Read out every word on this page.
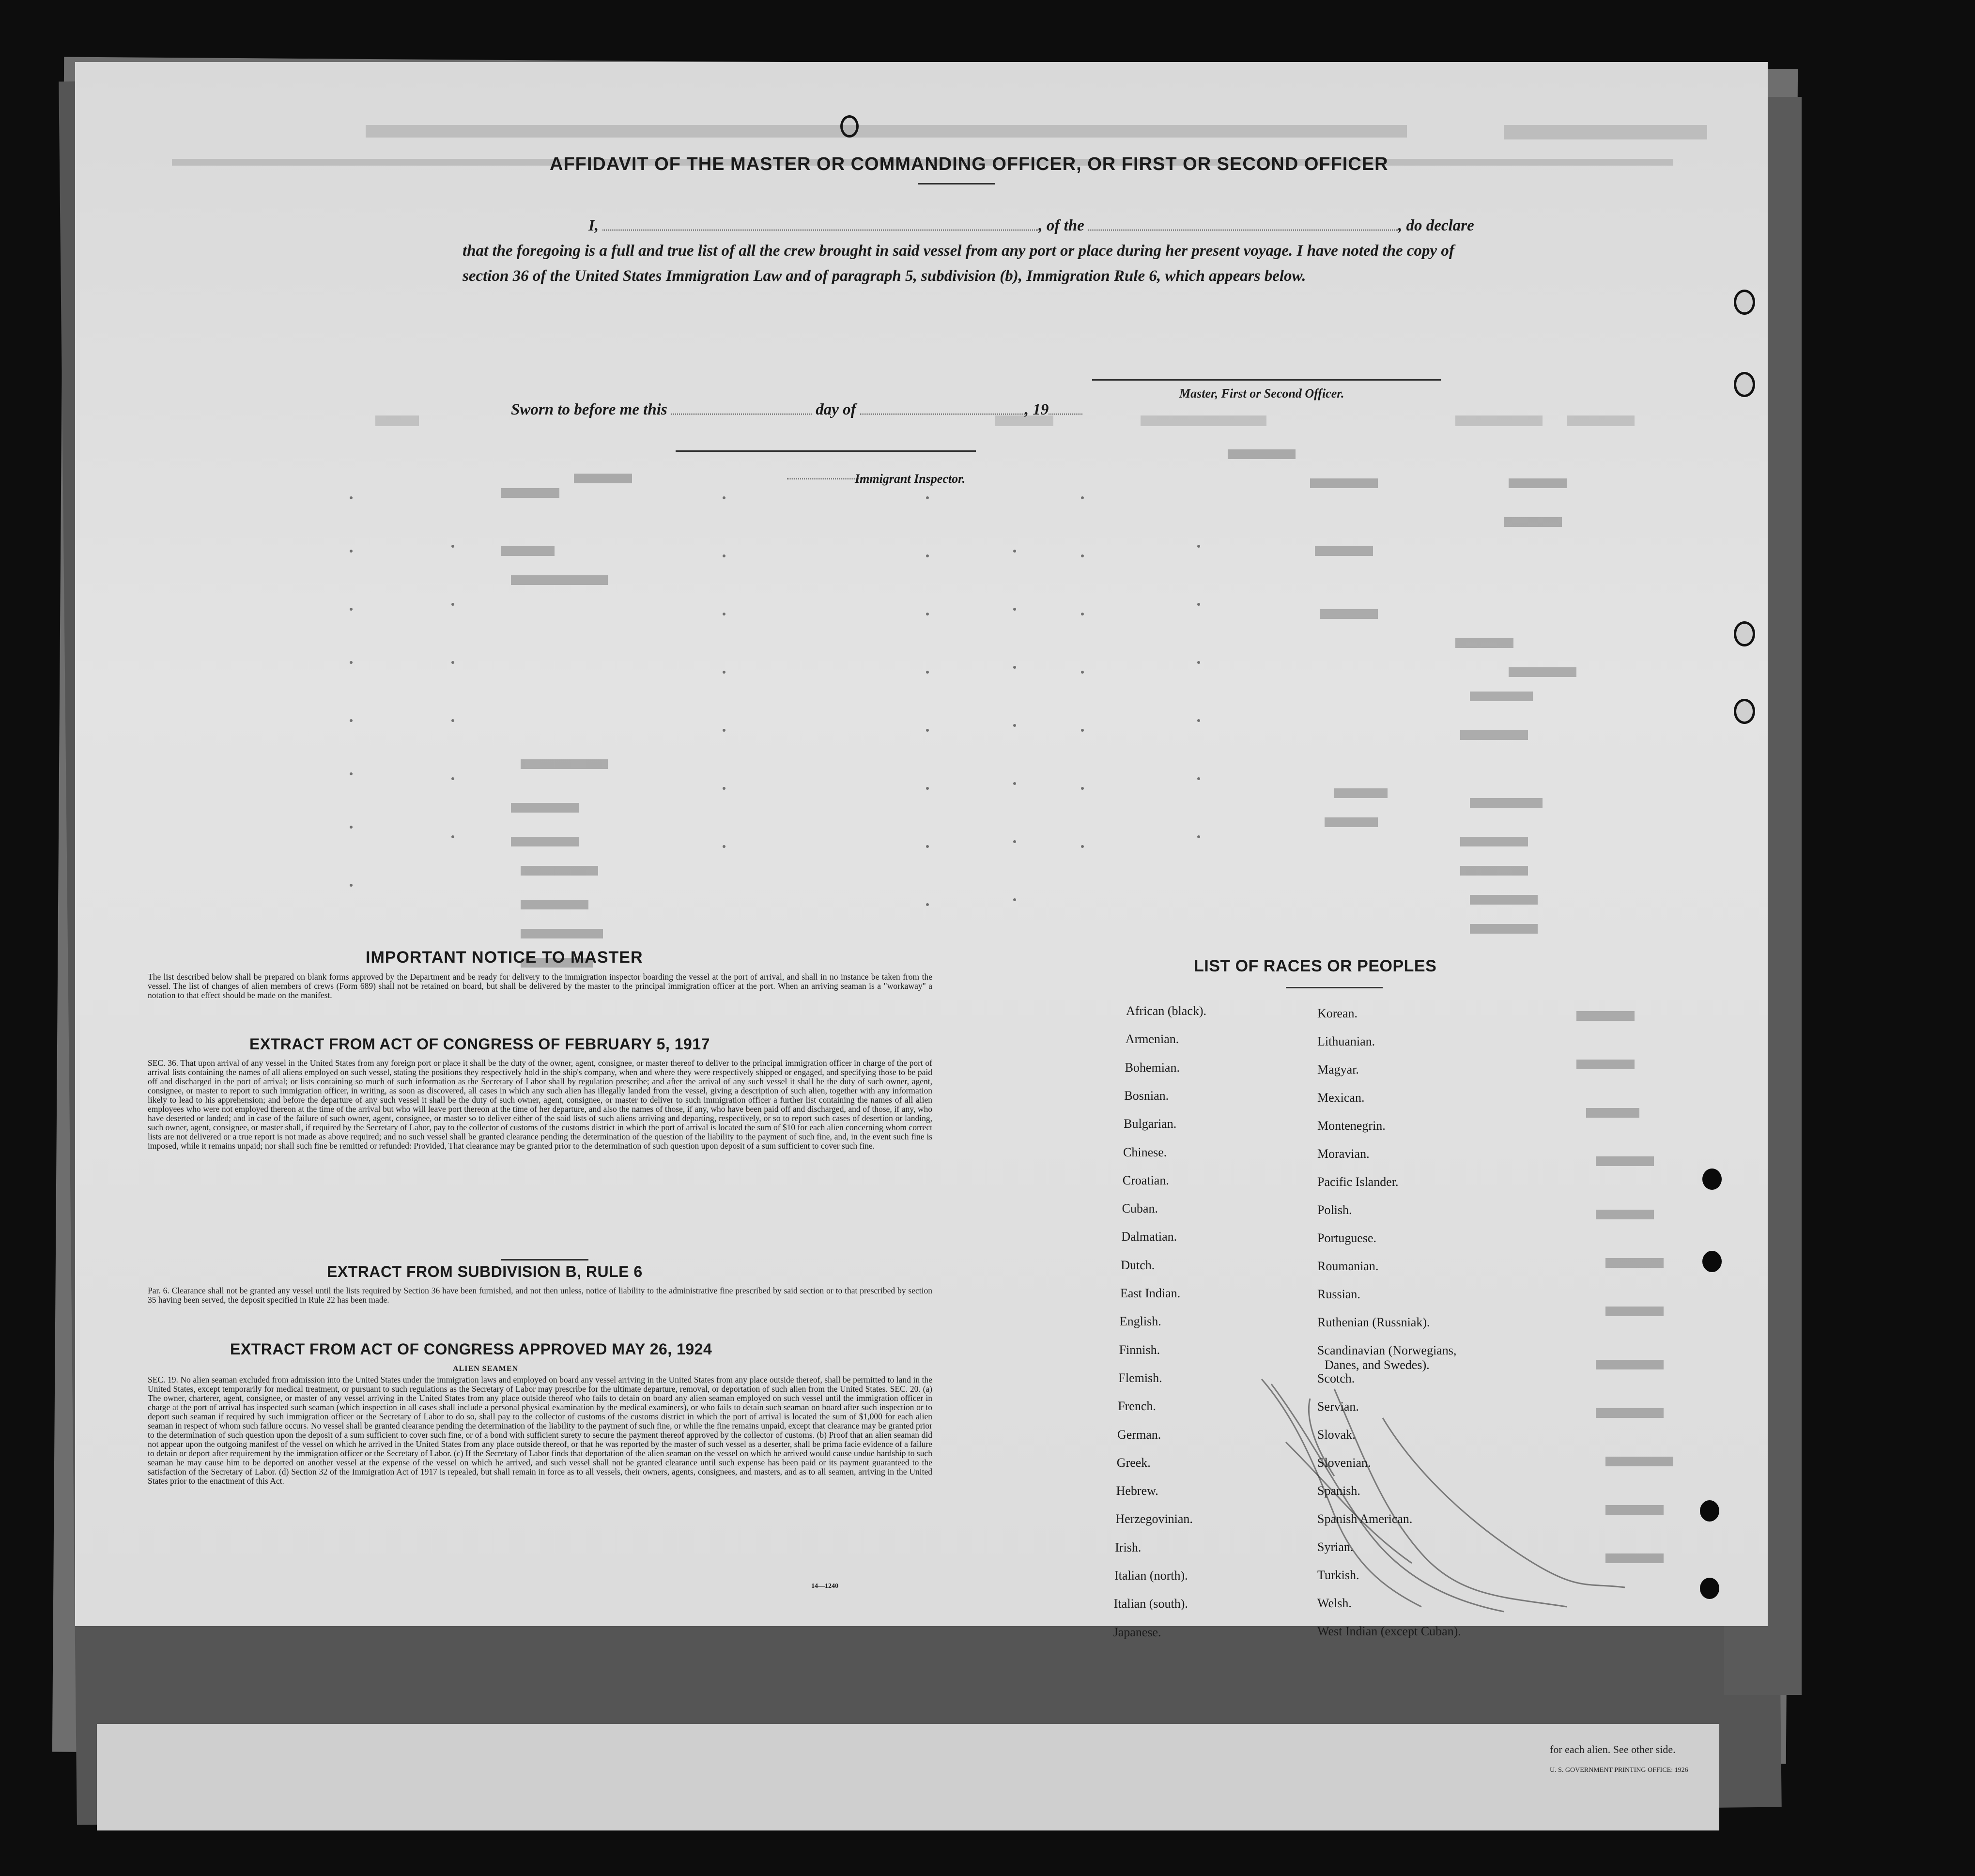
for each alien. See other side.
U. S. GOVERNMENT PRINTING OFFICE: 1926
AFFIDAVIT OF THE MASTER OR COMMANDING OFFICER, OR FIRST OR SECOND OFFICER
I,	, of the	, do declare
that the foregoing is a full and true list of all the crew brought in said vessel from any port or place during her present voyage. I have noted the copy of section 36 of the United States Immigration Law and of paragraph 5, subdivision (b), Immigration Rule 6, which appears below.
Master, First or Second Officer.
Sworn to before me this	day of	, 19
Immigrant Inspector.
IMPORTANT NOTICE TO MASTER
The list described below shall be prepared on blank forms approved by the Department and be ready for delivery to the immigration inspector boarding the vessel at the port of arrival, and shall in no instance be taken from the vessel. The list of changes of alien members of crews (Form 689) shall not be retained on board, but shall be delivered by the master to the principal immigration officer at the port. When an arriving seaman is a "workaway" a notation to that effect should be made on the manifest.
EXTRACT FROM ACT OF CONGRESS OF FEBRUARY 5, 1917
SEC. 36. That upon arrival of any vessel in the United States from any foreign port or place it shall be the duty of the owner, agent, consignee, or master thereof to deliver to the principal immigration officer in charge of the port of arrival lists containing the names of all aliens employed on such vessel, stating the positions they respectively hold in the ship's company, when and where they were respectively shipped or engaged, and specifying those to be paid off and discharged in the port of arrival; or lists containing so much of such information as the Secretary of Labor shall by regulation prescribe; and after the arrival of any such vessel it shall be the duty of such owner, agent, consignee, or master to report to such immigration officer, in writing, as soon as discovered, all cases in which any such alien has illegally landed from the vessel, giving a description of such alien, together with any information likely to lead to his apprehension; and before the departure of any such vessel it shall be the duty of such owner, agent, consignee, or master to deliver to such immigration officer a further list containing the names of all alien employees who were not employed thereon at the time of the arrival but who will leave port thereon at the time of her departure, and also the names of those, if any, who have been paid off and discharged, and of those, if any, who have deserted or landed; and in case of the failure of such owner, agent, consignee, or master so to deliver either of the said lists of such aliens arriving and departing, respectively, or so to report such cases of desertion or landing, such owner, agent, consignee, or master shall, if required by the Secretary of Labor, pay to the collector of customs of the customs district in which the port of arrival is located the sum of $10 for each alien concerning whom correct lists are not delivered or a true report is not made as above required; and no such vessel shall be granted clearance pending the determination of the question of the liability to the payment of such fine, and, in the event such fine is imposed, while it remains unpaid; nor shall such fine be remitted or refunded: Provided, That clearance may be granted prior to the determination of such question upon deposit of a sum sufficient to cover such fine.
EXTRACT FROM SUBDIVISION B, RULE 6
Par. 6. Clearance shall not be granted any vessel until the lists required by Section 36 have been furnished, and not then unless, notice of liability to the administrative fine prescribed by said section or to that prescribed by section 35 having been served, the deposit specified in Rule 22 has been made.
EXTRACT FROM ACT OF CONGRESS APPROVED MAY 26, 1924
ALIEN SEAMEN
SEC. 19. No alien seaman excluded from admission into the United States under the immigration laws and employed on board any vessel arriving in the United States from any place outside thereof, shall be permitted to land in the United States, except temporarily for medical treatment, or pursuant to such regulations as the Secretary of Labor may prescribe for the ultimate departure, removal, or deportation of such alien from the United States. SEC. 20. (a) The owner, charterer, agent, consignee, or master of any vessel arriving in the United States from any place outside thereof who fails to detain on board any alien seaman employed on such vessel until the immigration officer in charge at the port of arrival has inspected such seaman (which inspection in all cases shall include a personal physical examination by the medical examiners), or who fails to detain such seaman on board after such inspection or to deport such seaman if required by such immigration officer or the Secretary of Labor to do so, shall pay to the collector of customs of the customs district in which the port of arrival is located the sum of $1,000 for each alien seaman in respect of whom such failure occurs. No vessel shall be granted clearance pending the determination of the liability to the payment of such fine, or while the fine remains unpaid, except that clearance may be granted prior to the determination of such question upon the deposit of a sum sufficient to cover such fine, or of a bond with sufficient surety to secure the payment thereof approved by the collector of customs. (b) Proof that an alien seaman did not appear upon the outgoing manifest of the vessel on which he arrived in the United States from any place outside thereof, or that he was reported by the master of such vessel as a deserter, shall be prima facie evidence of a failure to detain or deport after requirement by the immigration officer or the Secretary of Labor. (c) If the Secretary of Labor finds that deportation of the alien seaman on the vessel on which he arrived would cause undue hardship to such seaman he may cause him to be deported on another vessel at the expense of the vessel on which he arrived, and such vessel shall not be granted clearance until such expense has been paid or its payment guaranteed to the satisfaction of the Secretary of Labor. (d) Section 32 of the Immigration Act of 1917 is repealed, but shall remain in force as to all vessels, their owners, agents, consignees, and masters, and as to all seamen, arriving in the United States prior to the enactment of this Act.
14—1240
LIST OF RACES OR PEOPLES
African (black).
Armenian.
Bohemian.
Bosnian.
Bulgarian.
Chinese.
Croatian.
Cuban.
Dalmatian.
Dutch.
East Indian.
English.
Finnish.
Flemish.
French.
German.
Greek.
Hebrew.
Herzegovinian.
Irish.
Italian (north).
Italian (south).
Japanese.
Korean.
Lithuanian.
Magyar.
Mexican.
Montenegrin.
Moravian.
Pacific Islander.
Polish.
Portuguese.
Roumanian.
Russian.
Ruthenian (Russniak).
Scandinavian (Norwegians,
Danes, and Swedes).
Scotch.
Servian.
Slovak.
Slovenian.
Spanish.
Spanish American.
Syrian.
Turkish.
Welsh.
West Indian (except Cuban).
